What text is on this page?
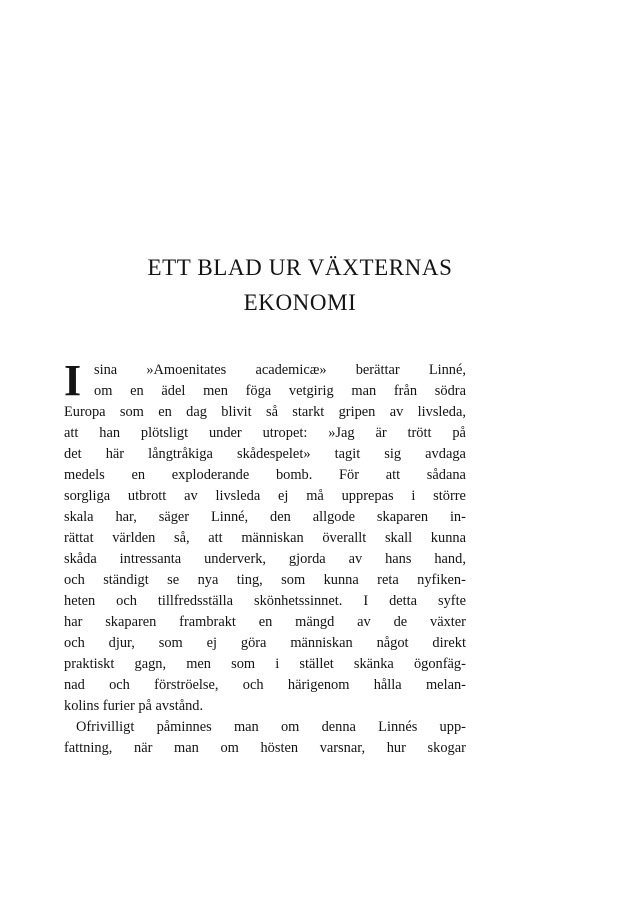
ETT BLAD UR VÄXTERNAS
EKONOMI
I sina »Amoenitates academicæ» berättar Linné,
om en ädel men föga vetgirig man från södra
Europa som en dag blivit så starkt gripen av livsleda,
att han plötsligt under utropet: »Jag är trött på
det här långtråkiga skådespelet» tagit sig avdaga
medels en exploderande bomb. För att sådana
sorgliga utbrott av livsleda ej må upprepas i större
skala har, säger Linné, den allgode skaparen in-
rättat världen så, att människan överallt skall kunna
skåda intressanta underverk, gjorda av hans hand,
och ständigt se nya ting, som kunna reta nyfiken-
heten och tillfredsställa skönhetssinnet. I detta syfte
har skaparen frambrakt en mängd av de växter
och djur, som ej göra människan något direkt
praktiskt gagn, men som i stället skänka ögonfäg-
nad och förströelse, och härigenom hålla melan-
kolins furier på avstånd.
Ofrivilligt påminnes man om denna Linnés upp-
fattning, när man om hösten varsnar, hur skogar
